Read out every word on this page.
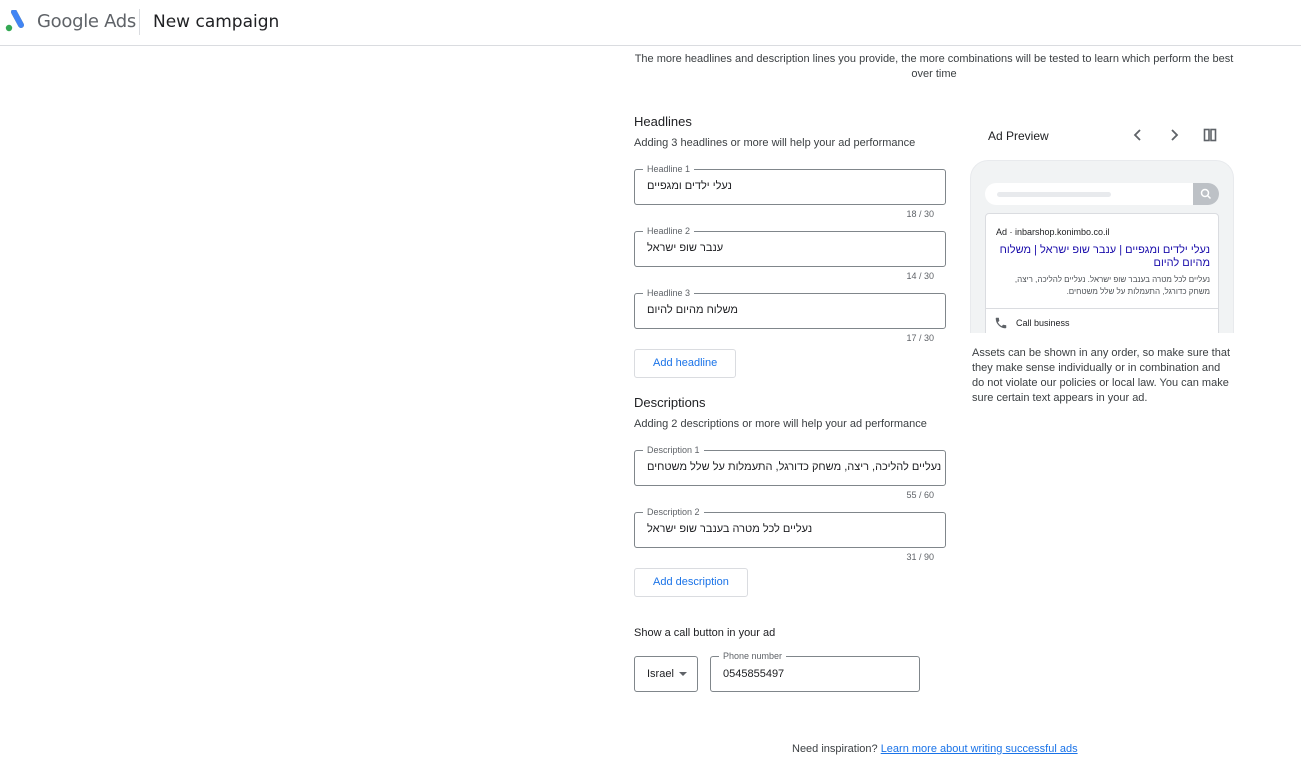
Google Ads New campaign
The more headlines and description lines you provide, the more combinations will be tested to learn which perform the best over time
Headlines
Adding 3 headlines or more will help your ad performance
Headline 1
נעלי ילדים ומגפיים
18 / 30
Headline 2
ענבר שופ ישראל
14 / 30
Headline 3
משלוח מהיום להיום
17 / 30
Add headline
Descriptions
Adding 2 descriptions or more will help your ad performance
Description 1
נעליים להליכה, ריצה, משחק כדורגל, התעמלות על שלל משטחים
55 / 60
Description 2
נעליים לכל מטרה בענבר שופ ישראל
31 / 90
Add description
Show a call button in your ad
Israel
Phone number
0545855497
Need inspiration? Learn more about writing successful ads
Ad Preview
Ad · inbarshop.konimbo.co.il
נעלי ילדים ומגפיים | ענבר שופ ישראל | משלוח מהיום להיום
נעליים לכל מטרה בענבר שופ ישראל. נעליים להליכה, ריצה, משחק כדורגל, התעמלות על שלל משטחים.
Call business
Assets can be shown in any order, so make sure that they make sense individually or in combination and do not violate our policies or local law. You can make sure certain text appears in your ad.
